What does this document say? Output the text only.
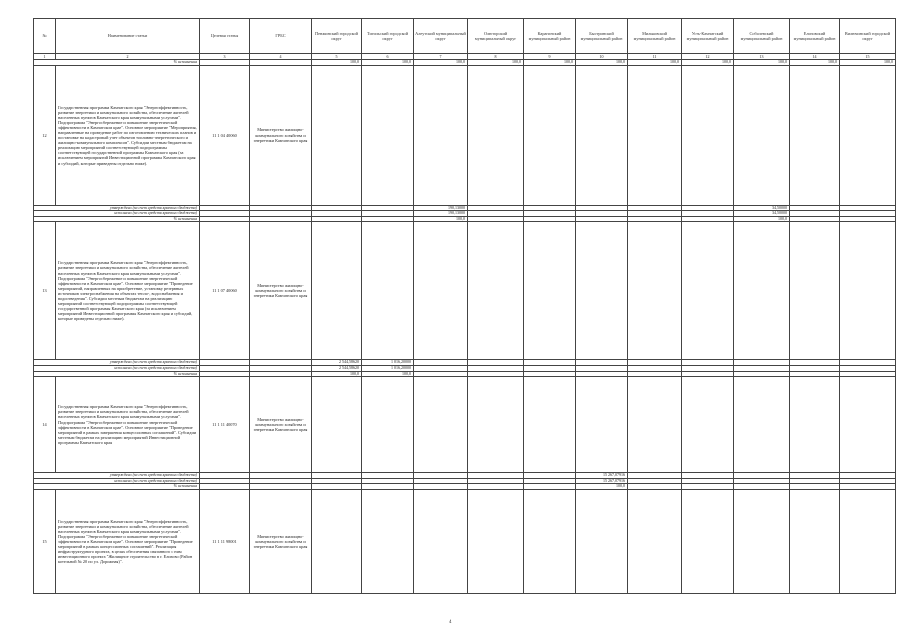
№	Наименование статьи	Целевая статья	ГРБС	Пенжинский городской округ	Тигильский городской округ	Алеутский муниципальный округ	Олюторский муниципальный округ	Карагинский муниципальный район	Быстринский муниципальный район	Мильковский муниципальный район	Усть-Камчатский муниципальный район	Соболевский муниципальный район	Елизовский муниципальный район	Вилючинский городской округ
1	2	3	4	5	6	7	8	9	10	11	12	13	14	15
% исполнения				100,0	100,0	100,0	100,0	100,0	100,0	100,0	100,0	100,0	100,0	100,0
12	Государственная программа Камчатского края "Энергоэффективность, развитие энергетики и коммунального хозяйства, обеспечение жителей населенных пунктов Камчатского края коммунальными услугами". Подпрограмма "Энергосбережение и повышение энергетической эффективности в Камчатском крае". Основное мероприятие "Мероприятия, направленные на проведение работ по изготовлению технических планов и постановке на кадастровый учет объектов топливно-энергетического и жилищно-коммунального комплексов". Субсидии местным бюджетам на реализацию мероприятий соответствующей подпрограммы соответствующей государственной программы Камчатского края (за исключением мероприятий Инвестиционной программы Камчатского края и субсидий, которые приведены отдельно ниже).	11 1 04 40060	Министерство жилищно-коммунального хозяйства и энергетики Камчатского края											
утверждено (за счет средств краевого бюджета)						190,13000						34,50000		
исполнено (за счет средств краевого бюджета)						190,13000						34,50000		
% исполнения						100,0						100,0		
13	Государственная программа Камчатского края "Энергоэффективность, развитие энергетики и коммунального хозяйства, обеспечение жителей населенных пунктов Камчатского края коммунальными услугами". Подпрограмма "Энергосбережение и повышение энергетической эффективности в Камчатском крае". Основное мероприятие "Проведение мероприятий, направленных на приобретение, установку резервных источников электроснабжения на объектах тепло-, водоснабжения и водоотведения". Субсидии местным бюджетам на реализацию мероприятий соответствующей подпрограммы соответствующей государственной программы Камчатского края (за исключением мероприятий Инвестиционной программы Камчатского края и субсидий, которые приведены отдельно ниже).	11 1 07 40060	Министерство жилищно-коммунального хозяйства и энергетики Камчатского края											
утверждено (за счет средств краевого бюджета)				2 544,58620	1 016,20000									
исполнено (за счет средств краевого бюджета)				2 544,58620	1 016,20000									
% исполнения				100,0	100,0									
14	Государственная программа Камчатского края "Энергоэффективность, развитие энергетики и коммунального хозяйства, обеспечение жителей населенных пунктов Камчатского края коммунальными услугами". Подпрограмма "Энергосбережение и повышение энергетической эффективности в Камчатском крае". Основное мероприятие "Проведение мероприятий в рамках завершения концессионных соглашений". Субсидии местным бюджетам на реализацию мероприятий Инвестиционной программы Камчатского края	11 1 11 40070	Министерство жилищно-коммунального хозяйства и энергетики Камчатского края											
утверждено (за счет средств краевого бюджета)									15 267,07916					
исполнено (за счет средств краевого бюджета)									15 267,07916					
% исполнения									100,0					
15	Государственная программа Камчатского края "Энергоэффективность, развитие энергетики и коммунального хозяйства, обеспечение жителей населенных пунктов Камчатского края коммунальными услугами". Подпрограмма "Энергосбережение и повышение энергетической эффективности в Камчатском крае". Основное мероприятие "Проведение мероприятий в рамках концессионных соглашений". Реализация инфраструктурного проекта, в целях обеспечения связанного с ним инвестиционного проекта "Жилищное строительство в г. Елизово (Район котельной № 20 по ул. Дорожная)".	11 1 11 98001	Министерство жилищно-коммунального хозяйства и энергетики Камчатского края											
4
